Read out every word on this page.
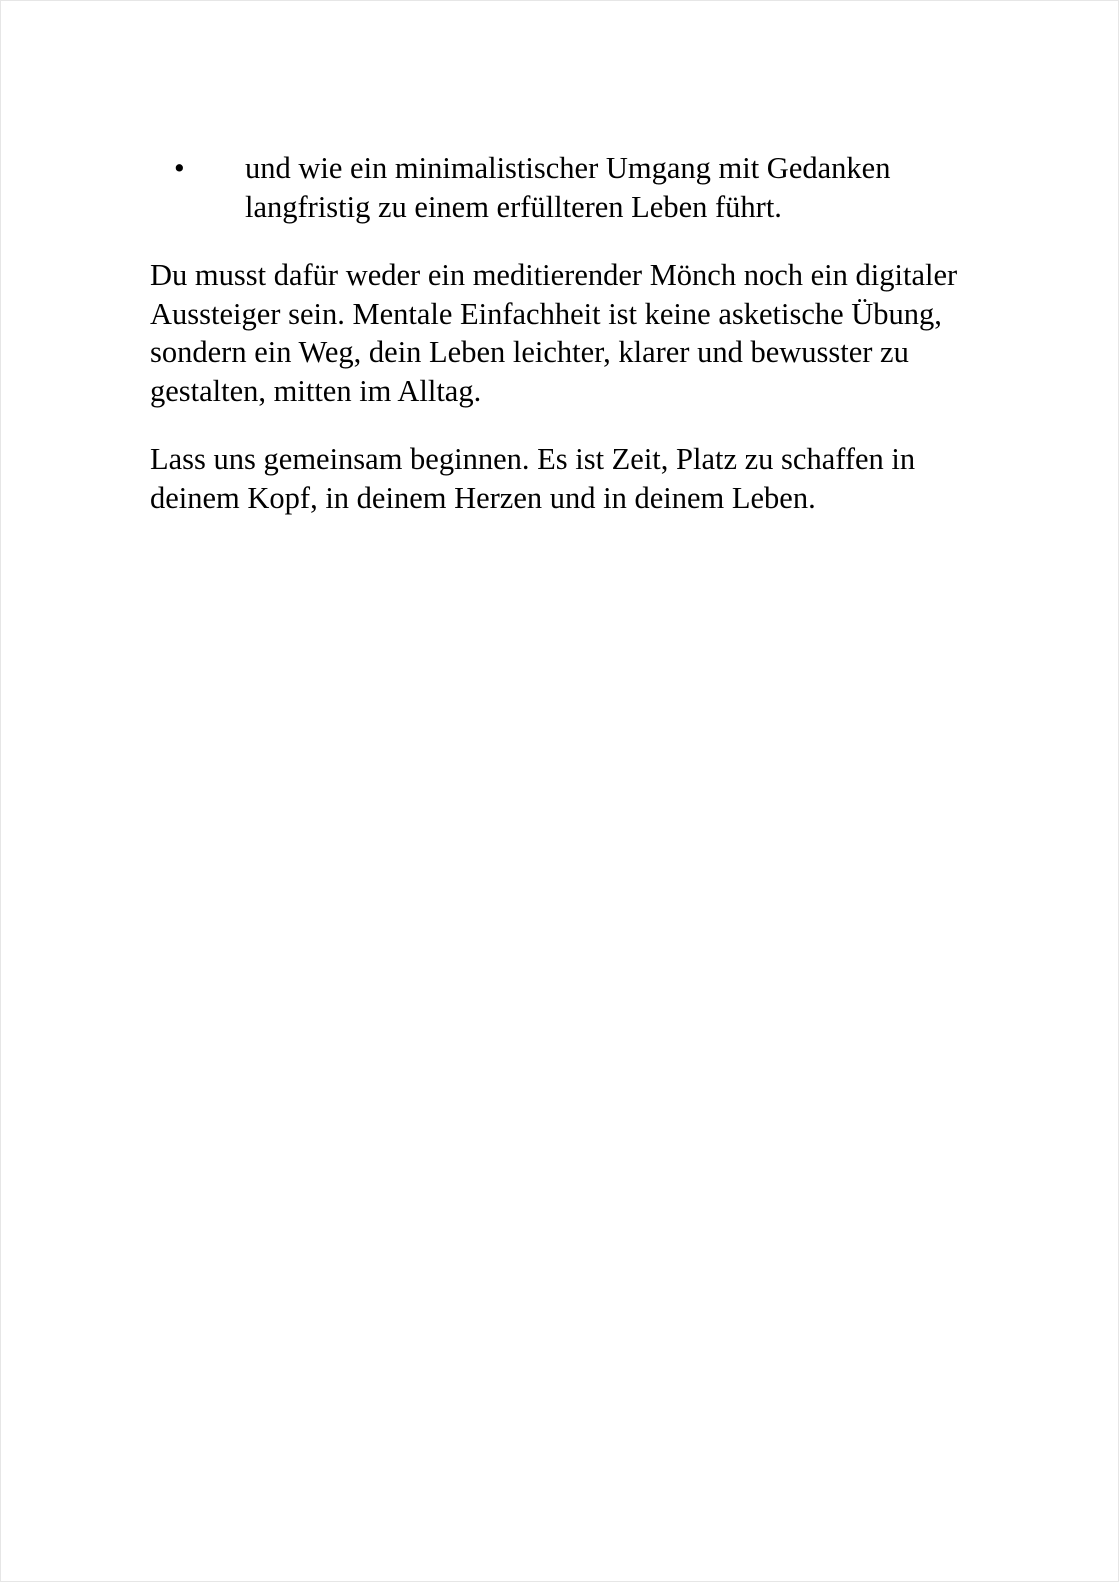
• und wie ein minimalistischer Umgang mit Gedanken langfristig zu einem erfüllteren Leben führt.

Du musst dafür weder ein meditierender Mönch noch ein digitaler Aussteiger sein. Mentale Einfachheit ist keine asketische Übung, sondern ein Weg, dein Leben leichter, klarer und bewusster zu gestalten, mitten im Alltag.

Lass uns gemeinsam beginnen. Es ist Zeit, Platz zu schaffen in deinem Kopf, in deinem Herzen und in deinem Leben.
